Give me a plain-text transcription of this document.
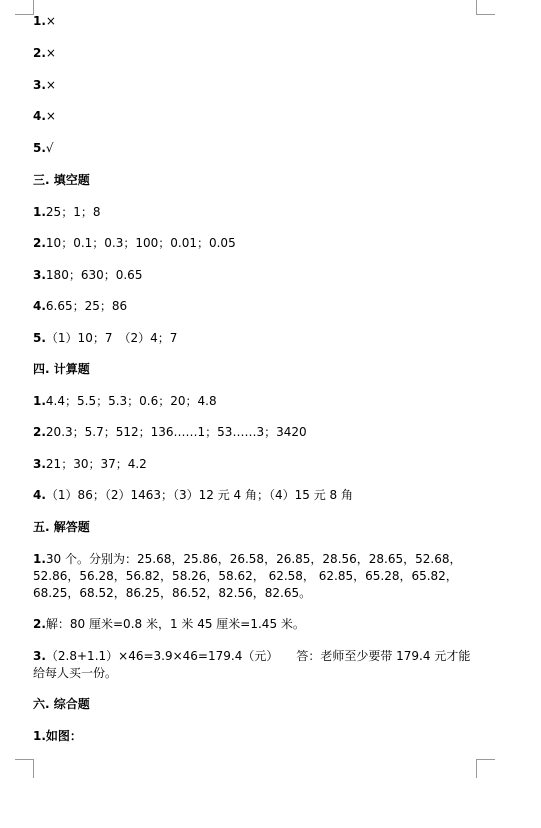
1.×
2.×
3.×
4.×
5.√
三. 填空题
1.25；1；8
2.10；0.1；0.3；100；0.01；0.05
3.180；630；0.65
4.6.65；25；86
5.（1）10；7　（2）4；7
四. 计算题
1.4.4；5.5；5.3；0.6；20；4.8
2.20.3；5.7；512；136……1；53……3；3420
3.21；30；37；4.2
4.（1）86；（2）1463；（3）12 元 4 角；（4）15 元 8 角
五. 解答题
1.30 个。分别为：25.68，25.86，26.58，26.85，28.56，28.65，52.68，
52.86，56.28，56.82，58.26，58.62， 62.58， 62.85，65.28，65.82，
68.25，68.52，86.25，86.52，82.56，82.65。
2.解：80 厘米=0.8 米，1 米 45 厘米=1.45 米。
3.（2.8+1.1）×46=3.9×46=179.4（元）　　答：老师至少要带 179.4 元才能
给每人买一份。
六. 综合题
1.如图：
